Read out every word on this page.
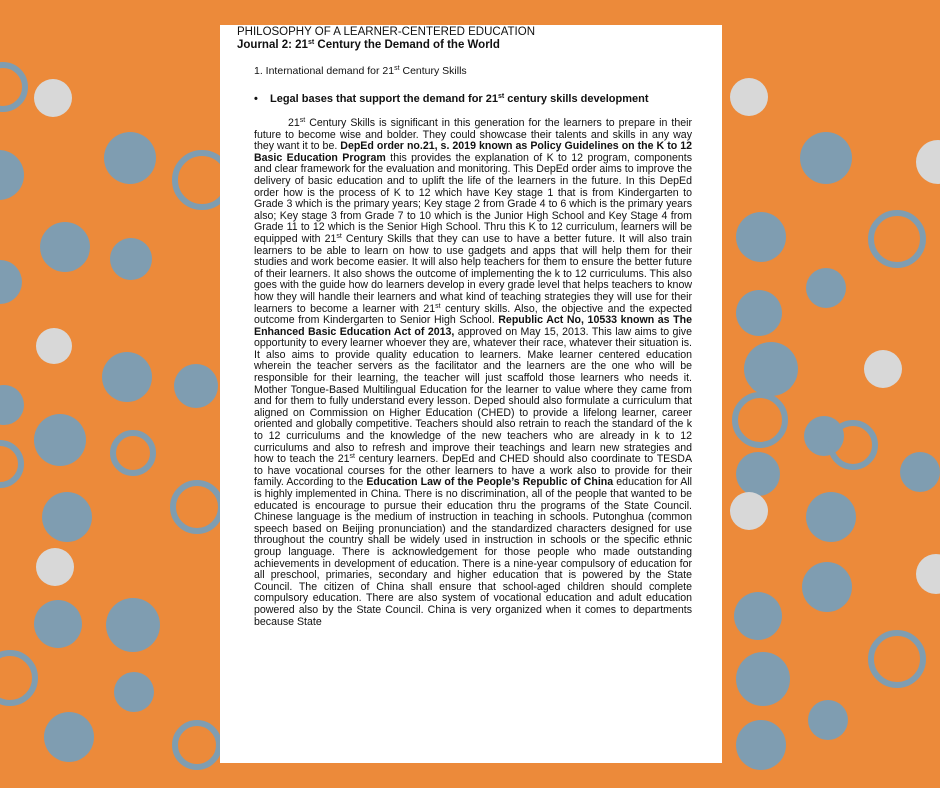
PHILOSOPHY OF A LEARNER-CENTERED EDUCATION

Journal 2: 21st Century the Demand of the World

1. International demand for 21st Century Skills

• Legal bases that support the demand for 21st century skills development

21st Century Skills is significant in this generation for the learners to prepare in their future to become wise and bolder. They could showcase their talents and skills in any way they want it to be. DepEd order no.21, s. 2019 known as Policy Guidelines on the K to 12 Basic Education Program this provides the explanation of K to 12 program, components and clear framework for the evaluation and monitoring. This DepEd order aims to improve the delivery of basic education and to uplift the life of the learners in the future. In this DepEd order how is the process of K to 12 which have Key stage 1 that is from Kindergarten to Grade 3 which is the primary years; Key stage 2 from Grade 4 to 6 which is the primary years also; Key stage 3 from Grade 7 to 10 which is the Junior High School and Key Stage 4 from Grade 11 to 12 which is the Senior High School. Thru this K to 12 curriculum, learners will be equipped with 21st Century Skills that they can use to have a better future. It will also train learners to be able to learn on how to use gadgets and apps that will help them for their studies and work become easier. It will also help teachers for them to ensure the better future of their learners. It also shows the outcome of implementing the k to 12 curriculums. This also goes with the guide how do learners develop in every grade level that helps teachers to know how they will handle their learners and what kind of teaching strategies they will use for their learners to become a learner with 21st century skills. Also, the objective and the expected outcome from Kindergarten to Senior High School. Republic Act No, 10533 known as The Enhanced Basic Education Act of 2013, approved on May 15, 2013. This law aims to give opportunity to every learner whoever they are, whatever their race, whatever their situation is. It also aims to provide quality education to learners. Make learner centered education wherein the teacher servers as the facilitator and the learners are the one who will be responsible for their learning, the teacher will just scaffold those learners who needs it. Mother Tongue-Based Multilingual Education for the learner to value where they came from and for them to fully understand every lesson. Deped should also formulate a curriculum that aligned on Commission on Higher Education (CHED) to provide a lifelong learner, career oriented and globally competitive. Teachers should also retrain to reach the standard of the k to 12 curriculums and the knowledge of the new teachers who are already in k to 12 curriculums and also to refresh and improve their teachings and learn new strategies and how to teach the 21st century learners. DepEd and CHED should also coordinate to TESDA to have vocational courses for the other learners to have a work also to provide for their family. According to the Education Law of the People’s Republic of China education for All is highly implemented in China. There is no discrimination, all of the people that wanted to be educated is encourage to pursue their education thru the programs of the State Council. Chinese language is the medium of instruction in teaching in schools. Putonghua (common speech based on Beijing pronunciation) and the standardized characters designed for use throughout the country shall be widely used in instruction in schools or the specific ethnic group language. There is acknowledgement for those people who made outstanding achievements in development of education. There is a nine-year compulsory of education for all preschool, primaries, secondary and higher education that is powered by the State Council. The citizen of China shall ensure that school-aged children should complete compulsory education. There are also system of vocational education and adult education powered also by the State Council. China is very organized when it comes to departments because State
